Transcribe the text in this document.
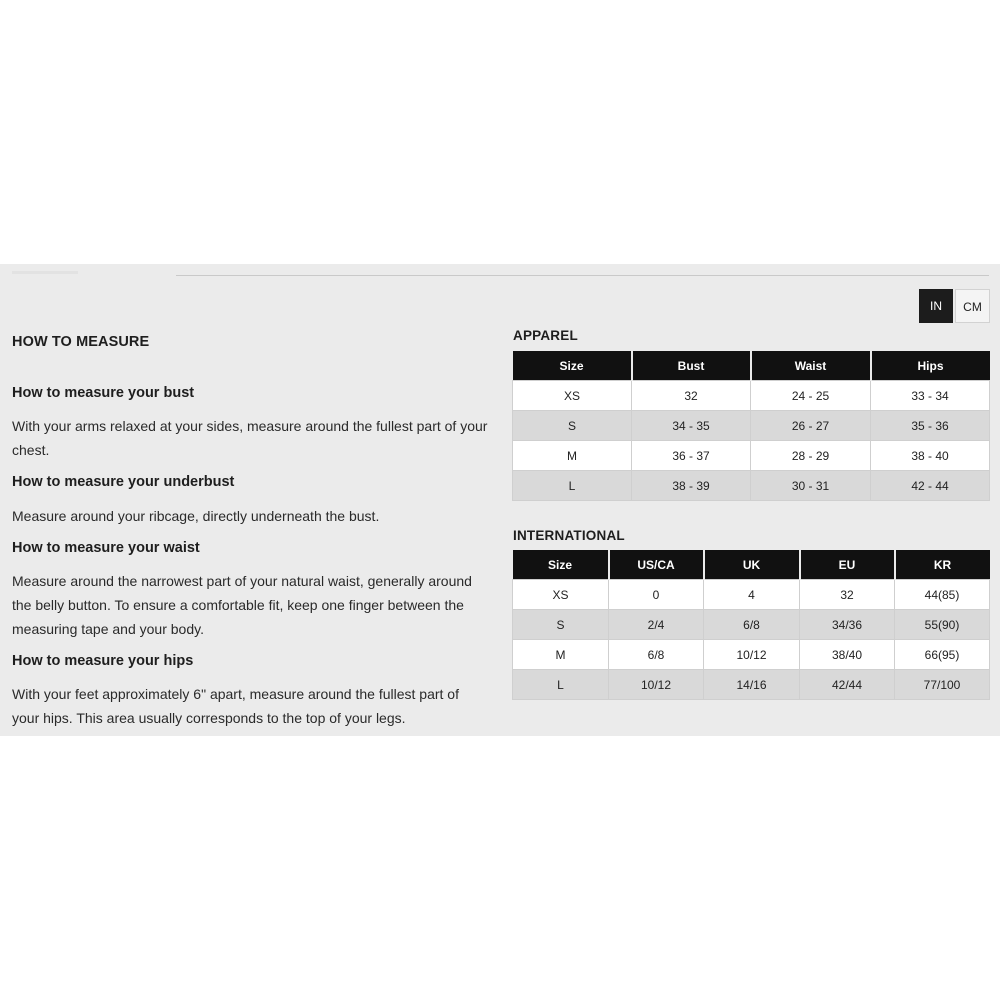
IN	CM
HOW TO MEASURE
How to measure your bust
With your arms relaxed at your sides, measure around the fullest part of your chest.
How to measure your underbust
Measure around your ribcage, directly underneath the bust.
How to measure your waist
Measure around the narrowest part of your natural waist, generally around the belly button. To ensure a comfortable fit, keep one finger between the measuring tape and your body.
How to measure your hips
With your feet approximately 6" apart, measure around the fullest part of your hips. This area usually corresponds to the top of your legs.
APPAREL
Size	Bust	Waist	Hips
XS	32	24 - 25	33 - 34
S	34 - 35	26 - 27	35 - 36
M	36 - 37	28 - 29	38 - 40
L	38 - 39	30 - 31	42 - 44
INTERNATIONAL
Size	US/CA	UK	EU	KR
XS	0	4	32	44(85)
S	2/4	6/8	34/36	55(90)
M	6/8	10/12	38/40	66(95)
L	10/12	14/16	42/44	77/100
